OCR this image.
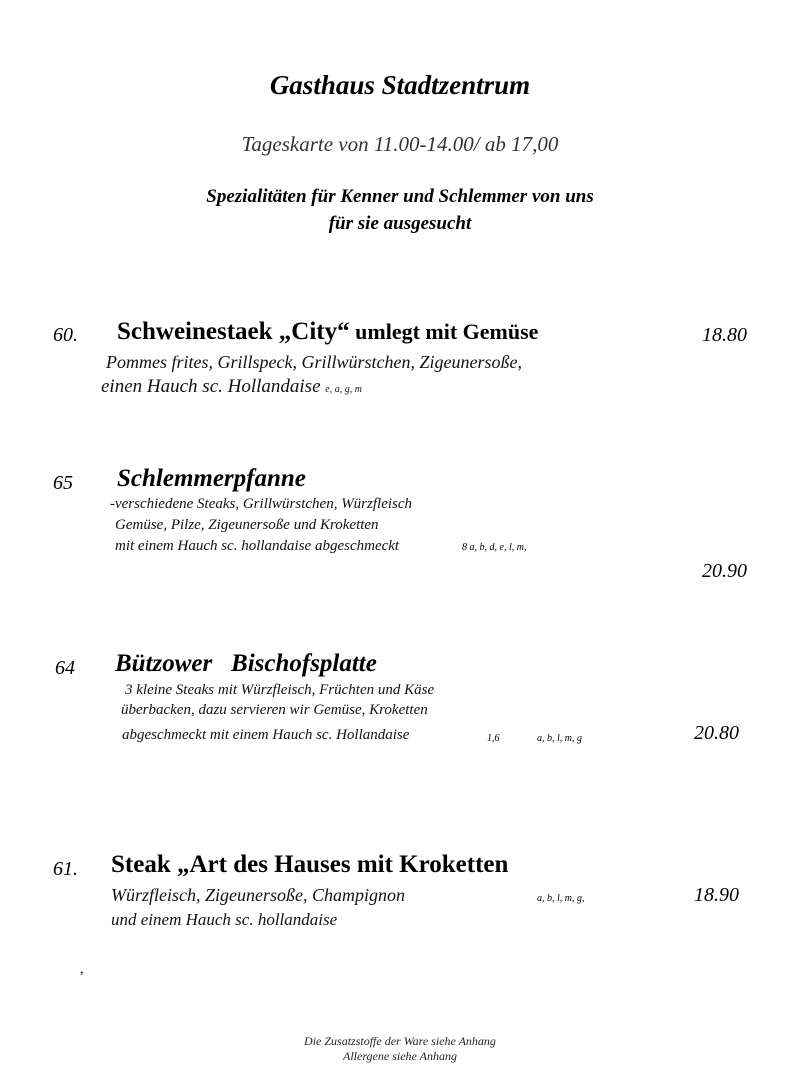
Gasthaus Stadtzentrum
Tageskarte von 11.00-14.00/ ab 17,00
Spezialitäten für Kenner und Schlemmer von uns
für sie ausgesucht
60. Schweinestaek „City“ umlegt mit Gemüse	18.80
Pommes frites, Grillspeck, Grillwürstchen, Zigeunersoße,
einen Hauch sc. Hollandaise e, a, g, m
65 Schlemmerpfanne
-verschiedene Steaks, Grillwürstchen, Würzfleisch
Gemüse, Pilze, Zigeunersoße und Kroketten
mit einem Hauch sc. hollandaise abgeschmeckt	8 a, b, d, e, l, m,
20.90
64 Bützower Bischofsplatte
3 kleine Steaks mit Würzfleisch, Früchten und Käse
überbacken, dazu servieren wir Gemüse, Kroketten
abgeschmeckt mit einem Hauch sc. Hollandaise	1,6	a, b, l, m, g	20.80
61. Steak „Art des Hauses mit Kroketten
Würzfleisch, Zigeunersoße, Champignon
und einem Hauch sc. hollandaise
a, b, l, m, g,	18.90
,
Die Zusatzstoffe der Ware siehe Anhang
Allergene siehe Anhang
